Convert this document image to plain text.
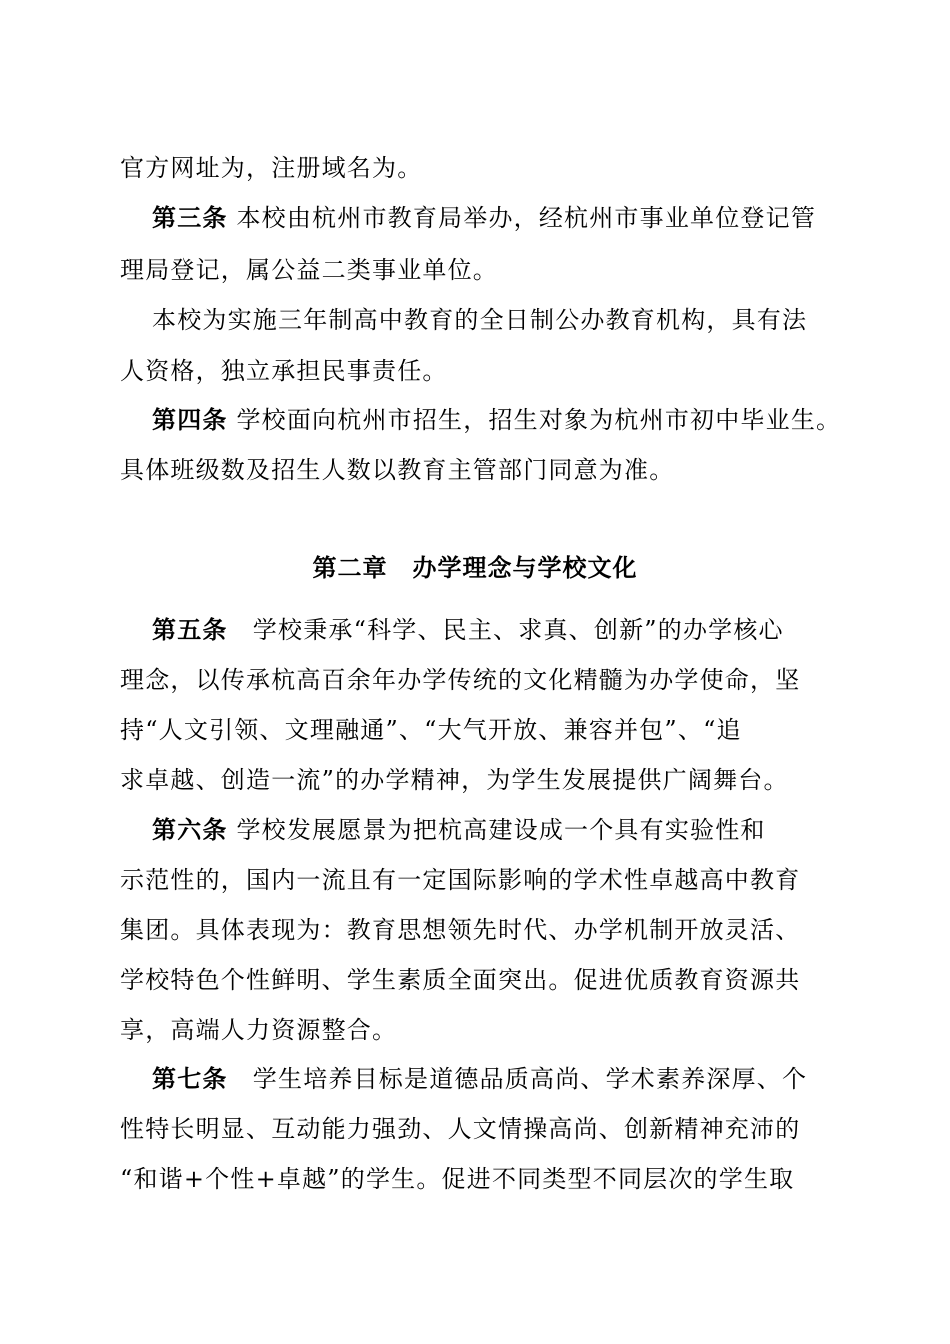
官方网址为，注册域名为。
第三条 本校由杭州市教育局举办，经杭州市事业单位登记管
理局登记，属公益二类事业单位。
本校为实施三年制高中教育的全日制公办教育机构，具有法
人资格，独立承担民事责任。
第四条 学校面向杭州市招生，招生对象为杭州市初中毕业生。
具体班级数及招生人数以教育主管部门同意为准。
第二章　办学理念与学校文化
第五条　学校秉承“科学、民主、求真、创新”的办学核心
理念，以传承杭高百余年办学传统的文化精髓为办学使命，坚
持“人文引领、文理融通”、“大气开放、兼容并包”、“追
求卓越、创造一流”的办学精神，为学生发展提供广阔舞台。
第六条 学校发展愿景为把杭高建设成一个具有实验性和
示范性的，国内一流且有一定国际影响的学术性卓越高中教育
集团。具体表现为：教育思想领先时代、办学机制开放灵活、
学校特色个性鲜明、学生素质全面突出。促进优质教育资源共
享，高端人力资源整合。
第七条　学生培养目标是道德品质高尚、学术素养深厚、个
性特长明显、互动能力强劲、人文情操高尚、创新精神充沛的
“和谐+个性+卓越”的学生。促进不同类型不同层次的学生取
